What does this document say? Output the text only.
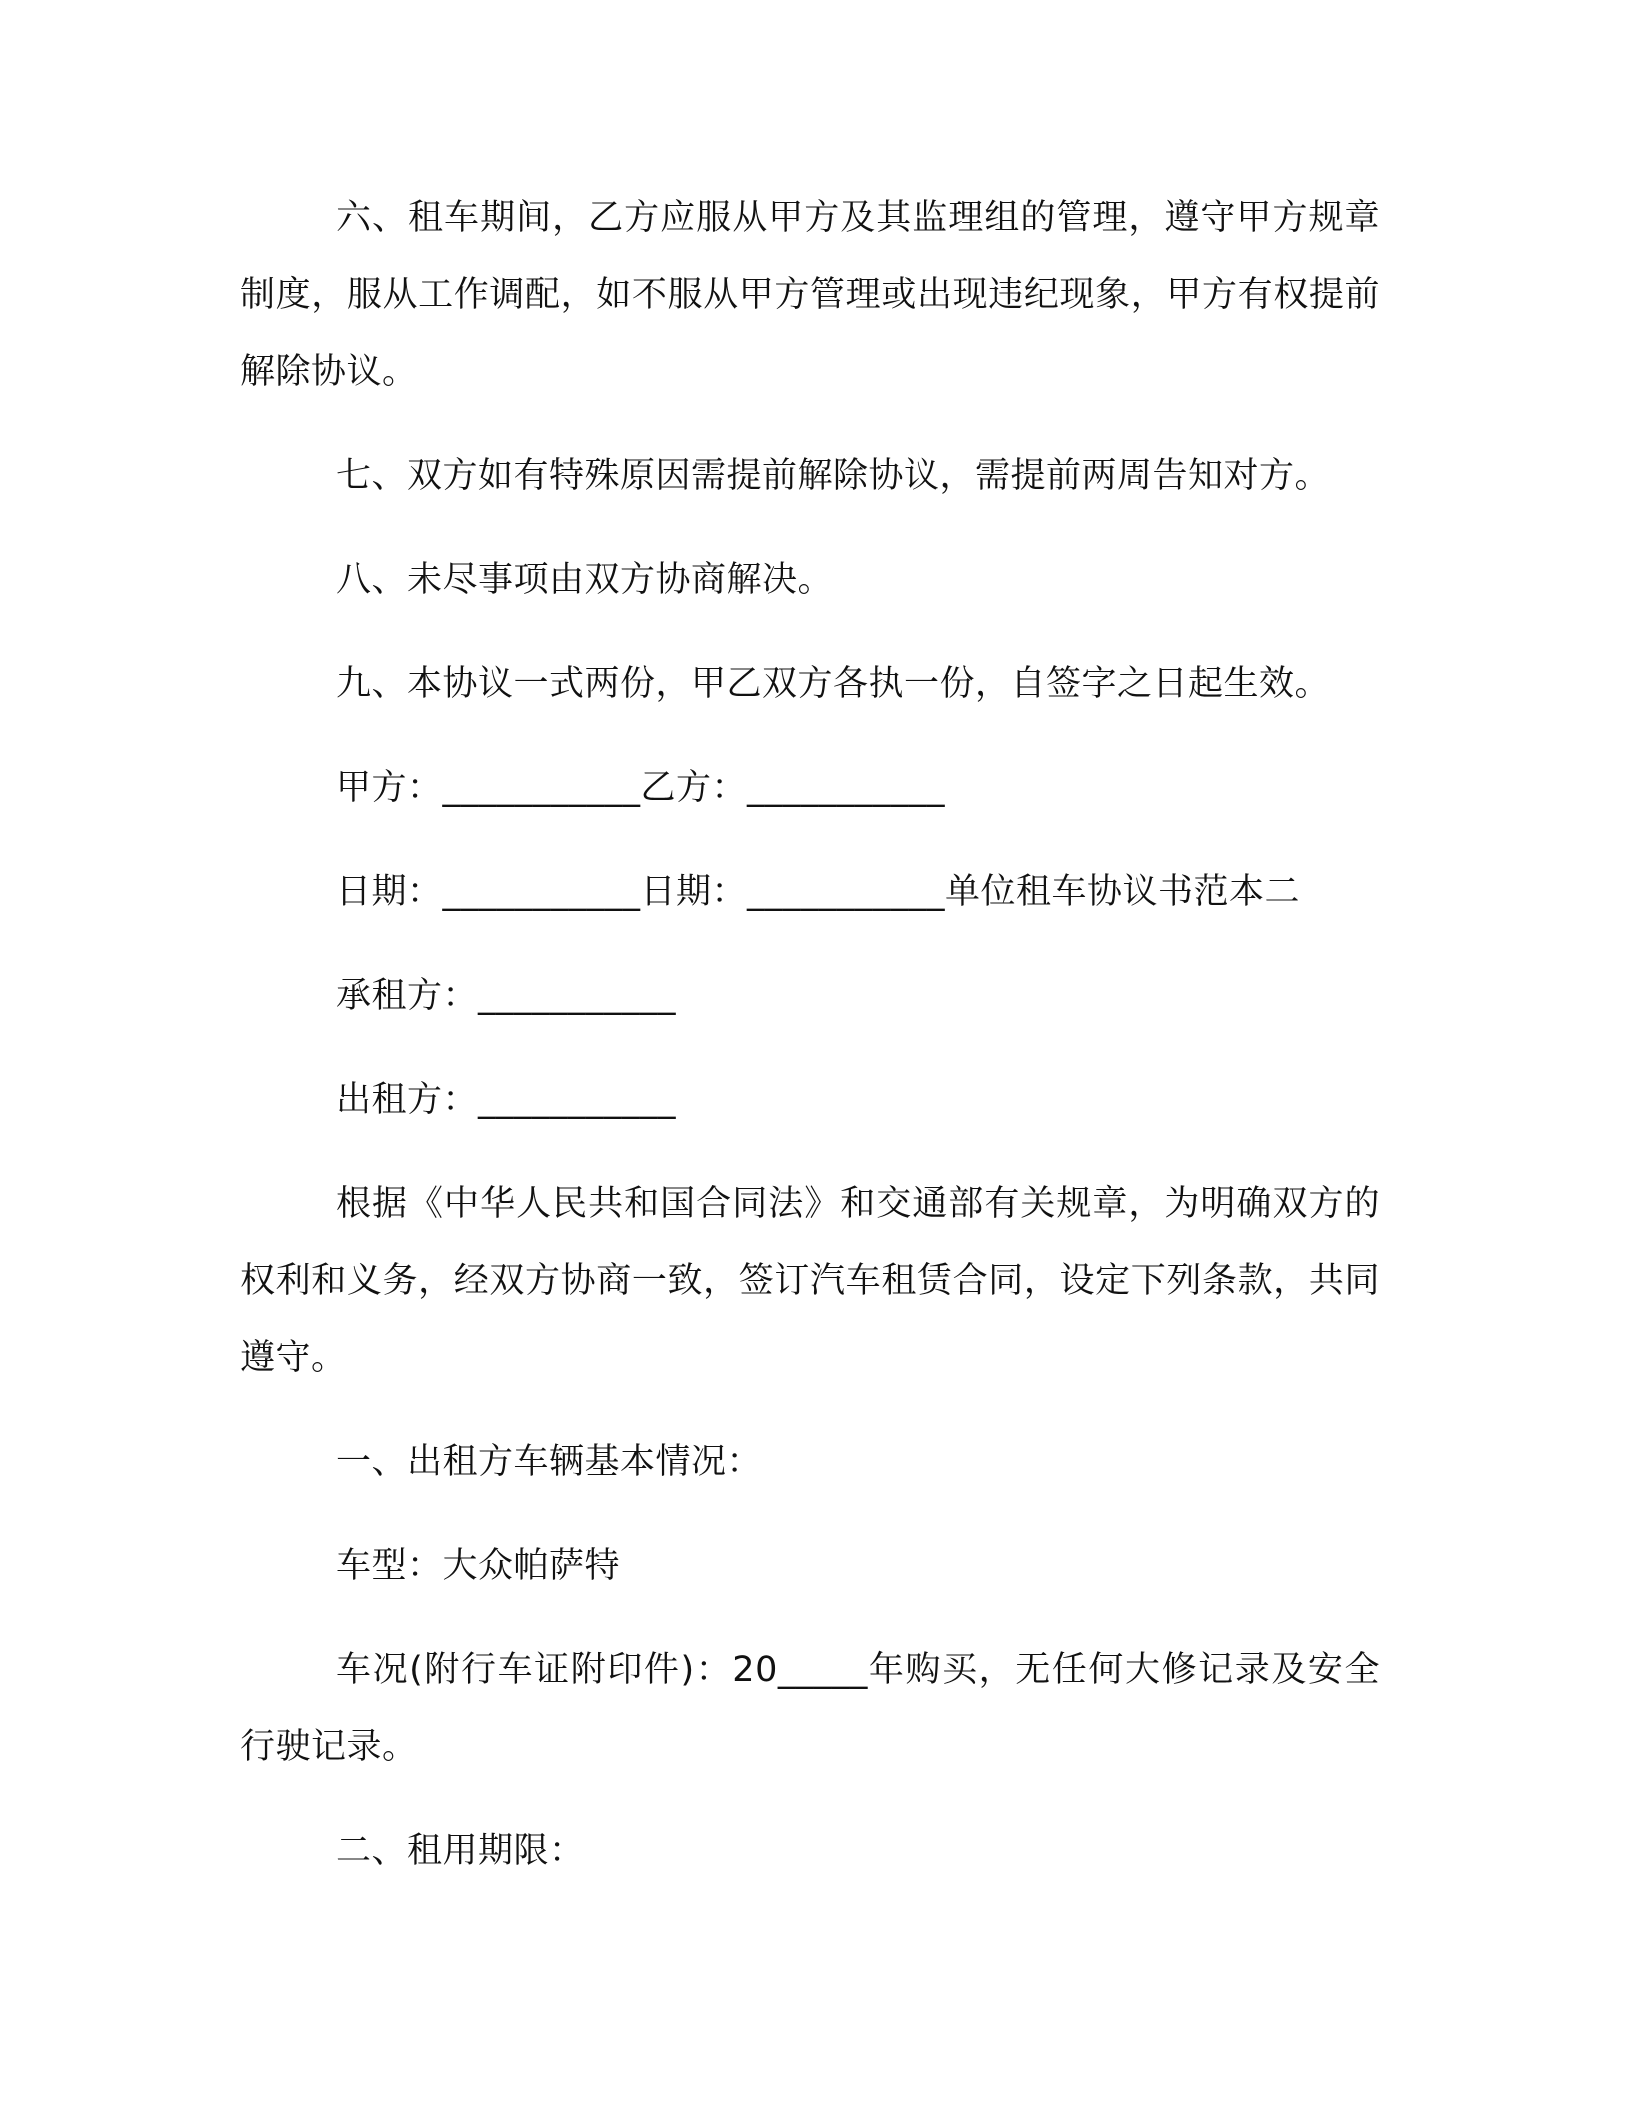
六、租车期间，乙方应服从甲方及其监理组的管理，遵守甲方规章制度，服从工作调配，如不服从甲方管理或出现违纪现象，甲方有权提前解除协议。

七、双方如有特殊原因需提前解除协议，需提前两周告知对方。

八、未尽事项由双方协商解决。

九、本协议一式两份，甲乙双方各执一份，自签字之日起生效。

甲方：___________乙方：___________

日期：___________日期：___________单位租车协议书范本二

承租方：___________

出租方：___________

根据《中华人民共和国合同法》和交通部有关规章，为明确双方的权利和义务，经双方协商一致，签订汽车租赁合同，设定下列条款，共同遵守。

一、出租方车辆基本情况：

车型：大众帕萨特

车况(附行车证附印件)：20_____年购买，无任何大修记录及安全行驶记录。

二、租用期限：
